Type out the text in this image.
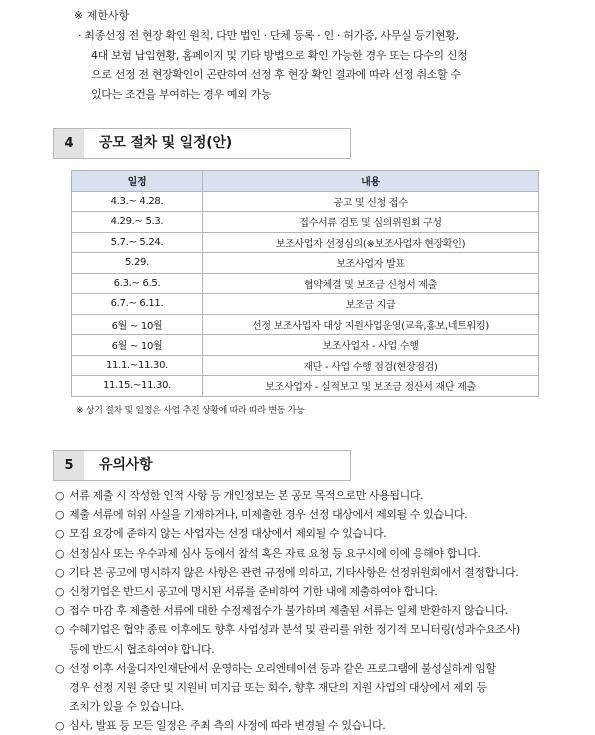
※ 제한사항
· 최종선정 전 현장 확인 원칙, 다만 법인 · 단체 등록 · 인 · 허가증, 사무실 등기현황,
4대 보험 납입현황, 홈페이지 및 기타 방법으로 확인 가능한 경우 또는 다수의 신청
으로 선정 전 현장확인이 곤란하여 선정 후 현장 확인 결과에 따라 선정 취소할 수
있다는 조건을 부여하는 경우 예외 가능
4	공모 절차 및 일정(안)
일정	내용
4.3.~ 4.28.	공고 및 신청 접수
4.29.~ 5.3.	접수서류 검토 및 심의위원회 구성
5.7.~ 5.24.	보조사업자 선정심의(※보조사업자 현장확인)
5.29.	보조사업자 발표
6.3.~ 6.5.	협약체결 및 보조금 신청서 제출
6.7.~ 6.11.	보조금 지급
6월 ~ 10월	선정 보조사업자 대상 지원사업운영(교육,홍보,네트워킹)
6월 ~ 10월	보조사업자 - 사업 수행
11.1.~11.30.	재단 - 사업 수행 점검(현장점검)
11.15.~11.30.	보조사업자 - 실적보고 및 보조금 정산서 재단 제출
※ 상기 절차 및 일정은 사업 추진 상황에 따라 따라 변동 가능
5	유의사항
○ 서류 제출 시 작성한 인적 사항 등 개인정보는 본 공모 목적으로만 사용됩니다.
○ 제출 서류에 허위 사실을 기재하거나, 미제출한 경우 선정 대상에서 제외될 수 있습니다.
○ 모집 요강에 준하지 않는 사업자는 선정 대상에서 제외될 수 있습니다.
○ 선정심사 또는 우수과제 심사 등에서 참석 혹은 자료 요청 등 요구시에 이에 응해야 합니다.
○ 기타 본 공고에 명시하지 않은 사항은 관련 규정에 의하고, 기타사항은 선정위원회에서 결정합니다.
○ 신청기업은 반드시 공고에 명시된 서류를 준비하여 기한 내에 제출하여야 합니다.
○ 접수 마감 후 제출한 서류에 대한 수정제접수가 불가하며 제출된 서류는 일체 반환하지 않습니다.
○ 수혜기업은 협약 종료 이후에도 향후 사업성과 분석 및 관리를 위한 정기적 모니터링(성과수요조사)
등에 반드시 협조하여야 합니다.
○ 선정 이후 서울디자인재단에서 운영하는 오리엔테이션 등과 같은 프로그램에 불성실하게 임할
경우 선정 지원 중단 및 지원비 미지급 또는 회수, 향후 재단의 지원 사업의 대상에서 제외 등
조치가 있을 수 있습니다.
○ 심사, 발표 등 모든 일정은 주최 측의 사정에 따라 변경될 수 있습니다.
